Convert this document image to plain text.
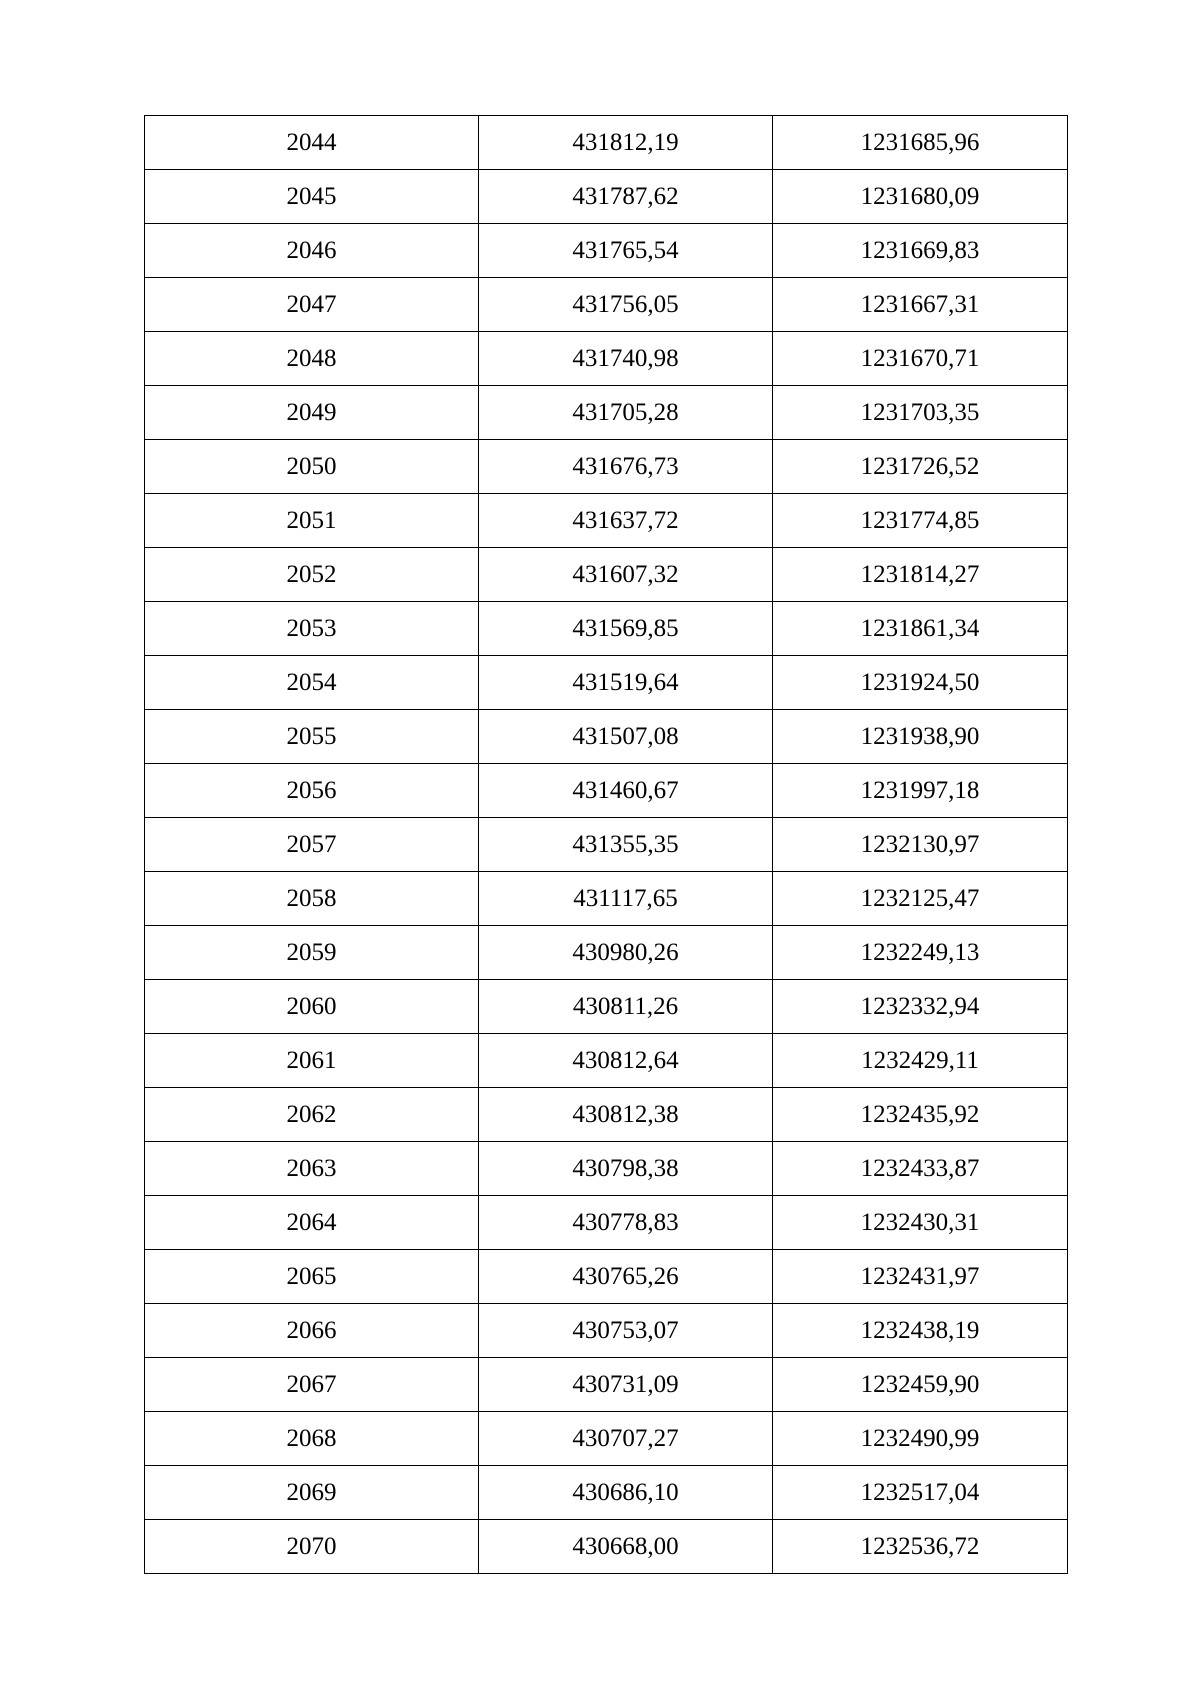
2044	431812,19	1231685,96
2045	431787,62	1231680,09
2046	431765,54	1231669,83
2047	431756,05	1231667,31
2048	431740,98	1231670,71
2049	431705,28	1231703,35
2050	431676,73	1231726,52
2051	431637,72	1231774,85
2052	431607,32	1231814,27
2053	431569,85	1231861,34
2054	431519,64	1231924,50
2055	431507,08	1231938,90
2056	431460,67	1231997,18
2057	431355,35	1232130,97
2058	431117,65	1232125,47
2059	430980,26	1232249,13
2060	430811,26	1232332,94
2061	430812,64	1232429,11
2062	430812,38	1232435,92
2063	430798,38	1232433,87
2064	430778,83	1232430,31
2065	430765,26	1232431,97
2066	430753,07	1232438,19
2067	430731,09	1232459,90
2068	430707,27	1232490,99
2069	430686,10	1232517,04
2070	430668,00	1232536,72
